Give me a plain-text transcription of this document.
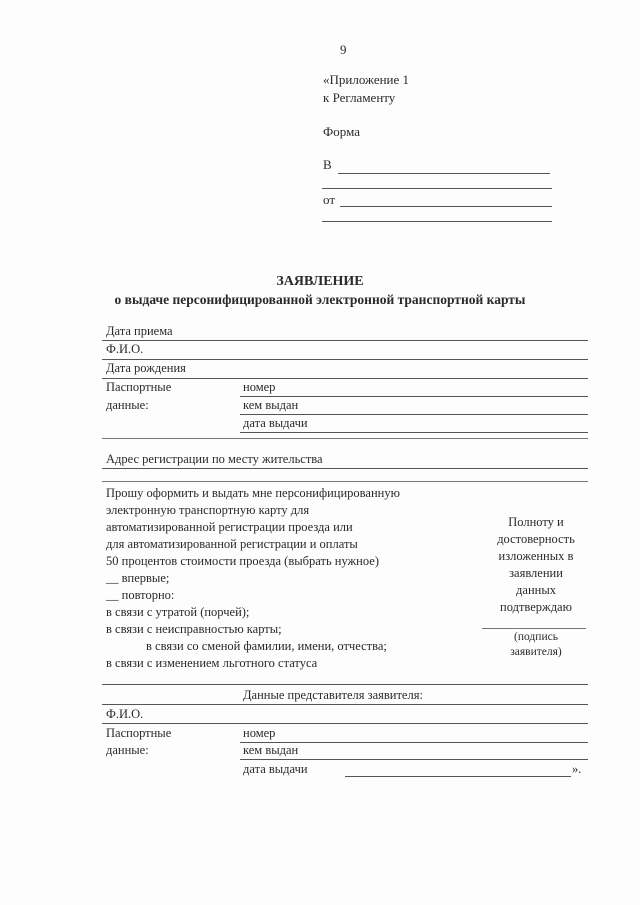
9
«Приложение 1
к Регламенту
Форма
В
от
ЗАЯВЛЕНИЕ
о выдаче персонифицированной электронной транспортной карты
Дата приема
Ф.И.О.
Дата рождения
Паспортные
данные:
номер
кем выдан
дата выдачи
Адрес регистрации по месту жительства
Прошу оформить и выдать мне персонифицированную
электронную транспортную карту для
автоматизированной регистрации проезда или
для автоматизированной регистрации и оплаты
50 процентов стоимости проезда (выбрать нужное)
__ впервые;
__ повторно:
в связи с утратой (порчей);
в связи с неисправностью карты;
в связи со сменой фамилии, имени, отчества;
в связи с изменением льготного статуса
Полноту и
достоверность
изложенных в
заявлении
данных
подтверждаю
(подпись
заявителя)
Данные представителя заявителя:
Ф.И.О.
Паспортные
данные:
номер
кем выдан
дата выдачи	».
